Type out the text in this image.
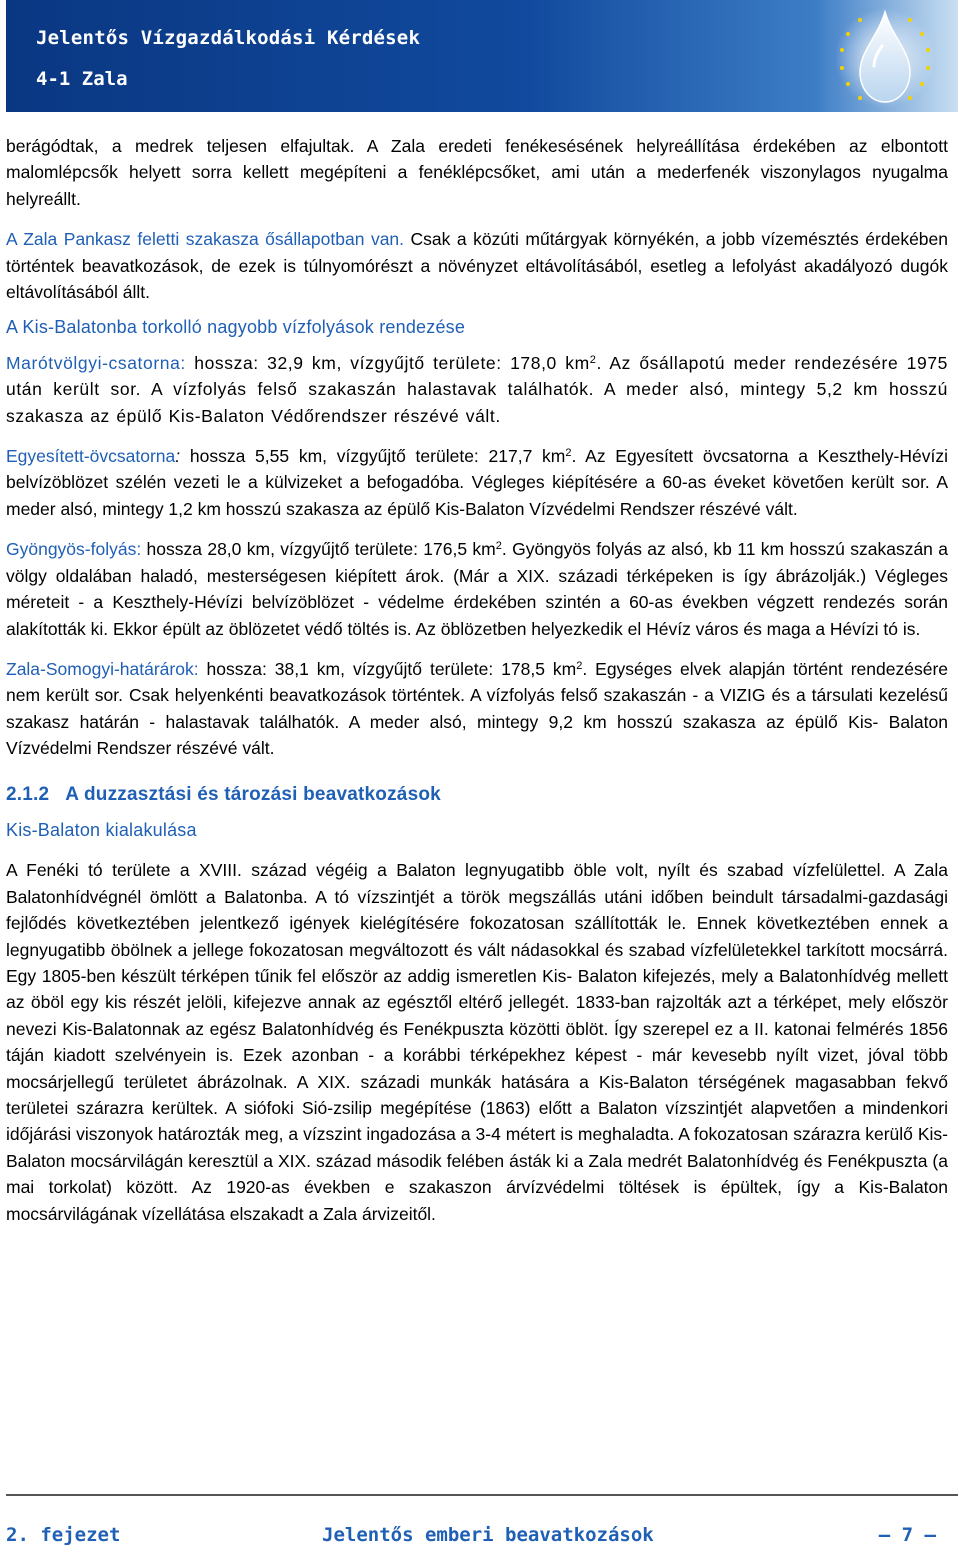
Jelentős Vízgazdálkodási Kérdések
4-1 Zala

berágódtak, a medrek teljesen elfajultak. A Zala eredeti fenékesésének helyreállítása érdekében az elbontott malomlépcsők helyett sorra kellett megépíteni a fenéklépcsőket, ami után a mederfenék viszonylagos nyugalma helyreállt.

A Zala Pankasz feletti szakasza ősállapotban van. Csak a közúti műtárgyak környékén, a jobb vízemésztés érdekében történtek beavatkozások, de ezek is túlnyomórészt a növényzet eltávolításából, esetleg a lefolyást akadályozó dugók eltávolításából állt.

A Kis-Balatonba torkolló nagyobb vízfolyások rendezése

Marótvölgyi-csatorna: hossza: 32,9 km, vízgyűjtő területe: 178,0 $km^2$. Az ősállapotú meder rendezésére 1975 után került sor. A vízfolyás felső szakaszán halastavak találhatók. A meder alsó, mintegy 5,2 km hosszú szakasza az épülő Kis-Balaton Védőrendszer részévé vált.

Egyesített-övcsatorna: hossza 5,55 km, vízgyűjtő területe: 217,7 $km^2$. Az Egyesített övcsatorna a Keszthely-Hévízi belvízöblözet szélén vezeti le a külvizeket a befogadóba. Végleges kiépítésére a 60-as éveket követően került sor. A meder alsó, mintegy 1,2 km hosszú szakasza az épülő Kis-Balaton Vízvédelmi Rendszer részévé vált.

Gyöngyös-folyás: hossza 28,0 km, vízgyűjtő területe: 176,5 $km^2$. Gyöngyös folyás az alsó, kb 11 km hosszú szakaszán a völgy oldalában haladó, mesterségesen kiépített árok. (Már a XIX. századi térképeken is így ábrázolják.) Végleges méreteit - a Keszthely-Hévízi belvízöblözet - védelme érdekében szintén a 60-as években végzett rendezés során alakították ki. Ekkor épült az öblözetet védő töltés is. Az öblözetben helyezkedik el Hévíz város és maga a Hévízi tó is.

Zala-Somogyi-határárok: hossza: 38,1 km, vízgyűjtő területe: 178,5 $km^2$. Egységes elvek alapján történt rendezésére nem került sor. Csak helyenkénti beavatkozások történtek. A vízfolyás felső szakaszán - a VIZIG és a társulati kezelésű szakasz határán - halastavak találhatók. A meder alsó, mintegy 9,2 km hosszú szakasza az épülő Kis- Balaton Vízvédelmi Rendszer részévé vált.

2.1.2 A duzzasztási és tározási beavatkozások

Kis-Balaton kialakulása

A Fenéki tó területe a XVIII. század végéig a Balaton legnyugatibb öble volt, nyílt és szabad vízfelülettel. A Zala Balatonhídvégnél ömlött a Balatonba. A tó vízszintjét a török megszállás utáni időben beindult társadalmi-gazdasági fejlődés következtében jelentkező igények kielégítésére fokozatosan szállították le. Ennek következtében ennek a legnyugatibb öbölnek a jellege fokozatosan megváltozott és vált nádasokkal és szabad vízfelületekkel tarkított mocsárrá. Egy 1805-ben készült térképen tűnik fel először az addig ismeretlen Kis- Balaton kifejezés, mely a Balatonhídvég mellett az öböl egy kis részét jelöli, kifejezve annak az egésztől eltérő jellegét. 1833-ban rajzolták azt a térképet, mely először nevezi Kis-Balatonnak az egész Balatonhídvég és Fenékpuszta közötti öblöt. Így szerepel ez a II. katonai felmérés 1856 táján kiadott szelvényein is. Ezek azonban - a korábbi térképekhez képest - már kevesebb nyílt vizet, jóval több mocsárjellegű területet ábrázolnak. A XIX. századi munkák hatására a Kis-Balaton térségének magasabban fekvő területei szárazra kerültek. A siófoki Sió-zsilip megépítése (1863) előtt a Balaton vízszintjét alapvetően a mindenkori időjárási viszonyok határozták meg, a vízszint ingadozása a 3-4 métert is meghaladta. A fokozatosan szárazra kerülő Kis-Balaton mocsárvilágán keresztül a XIX. század második felében ásták ki a Zala medrét Balatonhídvég és Fenékpuszta (a mai torkolat) között. Az 1920-as években e szakaszon árvízvédelmi töltések is épültek, így a Kis-Balaton mocsárvilágának vízellátása elszakadt a Zala árvizeitől.

2. fejezet	Jelentős emberi beavatkozások	— 7 —
